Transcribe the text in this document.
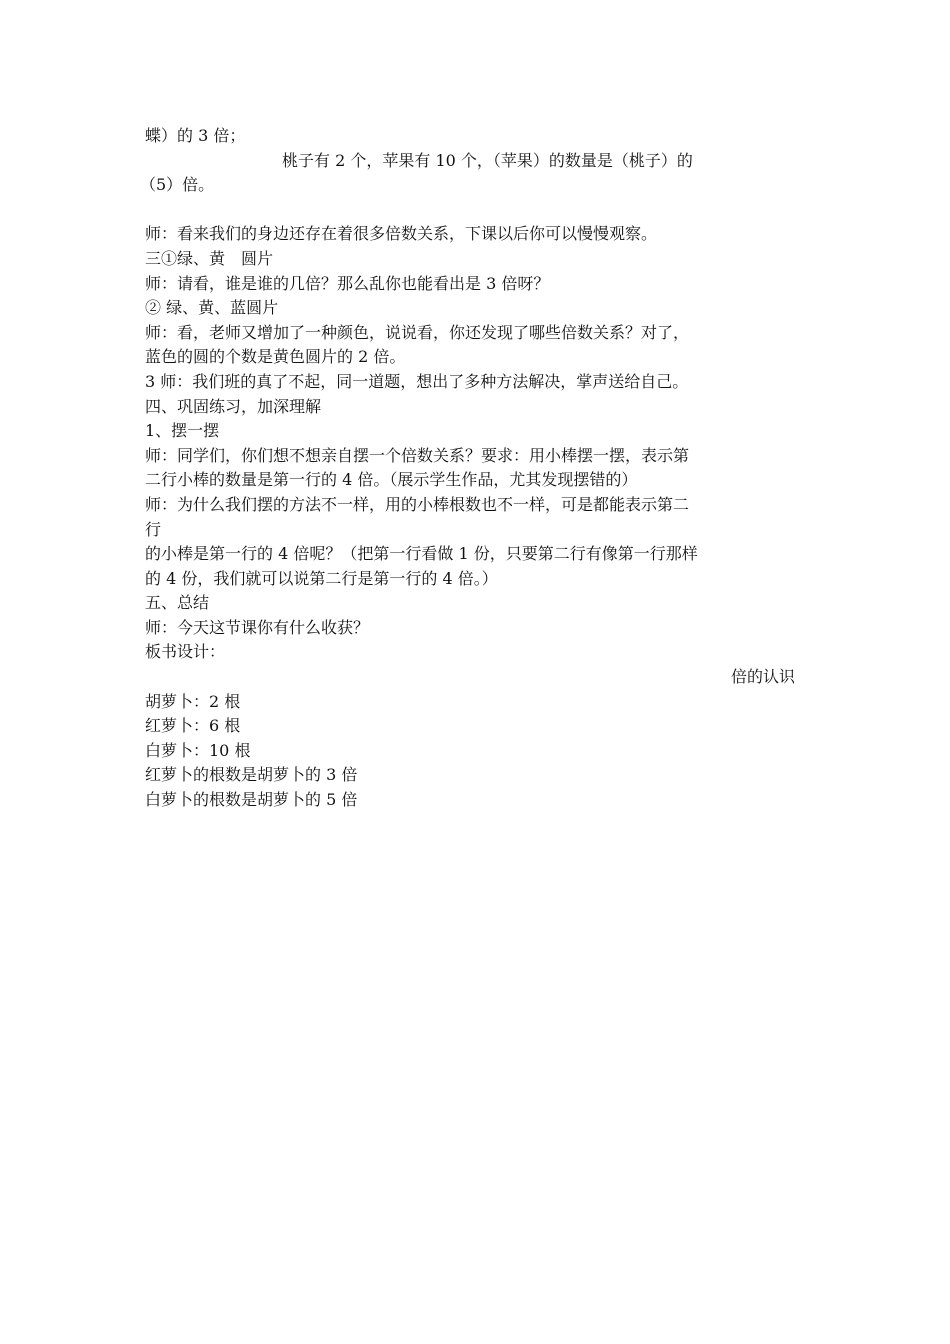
蝶）的 3 倍；
桃子有 2 个，苹果有 10 个，（苹果）的数量是（桃子）的
（5）倍。
师：看来我们的身边还存在着很多倍数关系，下课以后你可以慢慢观察。
三①绿、黄　圆片
师：请看，谁是谁的几倍？那么乱你也能看出是 3 倍呀？
② 绿、黄、蓝圆片
师：看，老师又增加了一种颜色，说说看，你还发现了哪些倍数关系？对了，
蓝色的圆的个数是黄色圆片的 2 倍。
3 师：我们班的真了不起，同一道题，想出了多种方法解决，掌声送给自己。
四、巩固练习，加深理解
1、摆一摆
师：同学们，你们想不想亲自摆一个倍数关系？要求：用小棒摆一摆，表示第
二行小棒的数量是第一行的 4 倍。（展示学生作品，尤其发现摆错的）
师：为什么我们摆的方法不一样，用的小棒根数也不一样，可是都能表示第二
行
的小棒是第一行的 4 倍呢？（把第一行看做 1 份，只要第二行有像第一行那样
的 4 份，我们就可以说第二行是第一行的 4 倍。）
五、总结
师：今天这节课你有什么收获？
板书设计：
倍的认识
胡萝卜：2 根
红萝卜：6 根
白萝卜：10 根
红萝卜的根数是胡萝卜的 3 倍
白萝卜的根数是胡萝卜的 5 倍
